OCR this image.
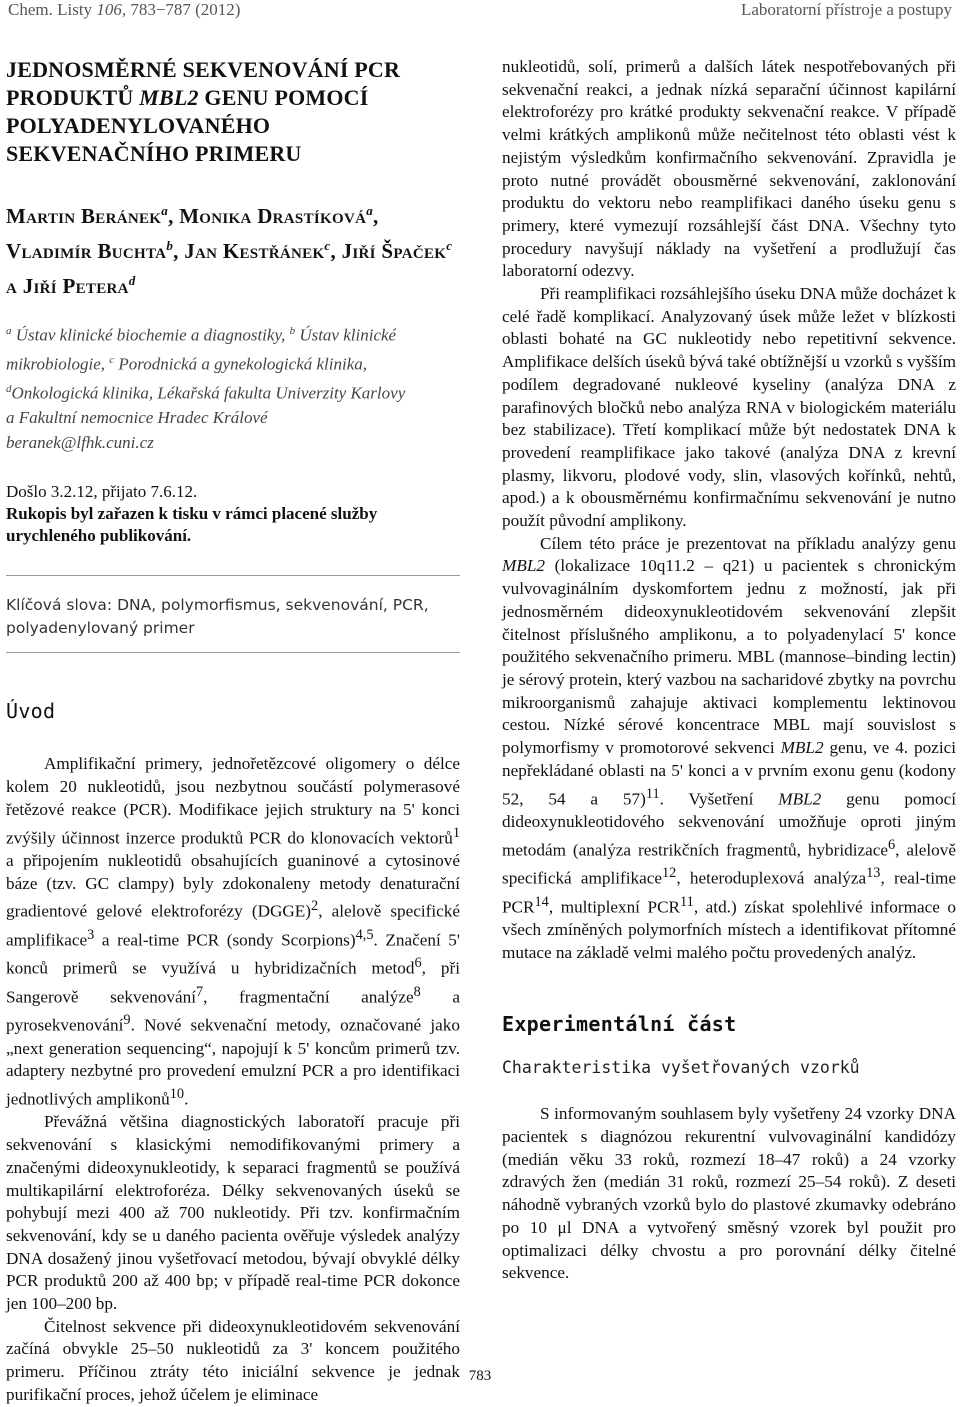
Chem. Listy 106, 783−787 (2012)	Laboratorní přístroje a postupy
JEDNOSMĚRNÉ SEKVENOVÁNÍ PCR
PRODUKTŮ MBL2 GENU POMOCÍ
POLYADENYLOVANÉHO
SEKVENAČNÍHO PRIMERU
Martin Beránek$^a$, Monika Drastíková$^a$,
Vladimír Buchta$^b$, Jan Kestřánek$^c$, Jiří Špaček$^c$ a Jiří Petera$^d$
$^a$ Ústav klinické biochemie a diagnostiky, $^b$ Ústav klinické
mikrobiologie, $^c$ Porodnická a gynekologická klinika,
$^d$Onkologická klinika, Lékařská fakulta Univerzity Karlovy
a Fakultní nemocnice Hradec Králové
beranek@lfhk.cuni.cz
Došlo 3.2.12, přijato 7.6.12.
Rukopis byl zařazen k tisku v rámci placené služby urychleného publikování.

Klíčová slova: DNA, polymorfismus, sekvenování, PCR, polyadenylovaný primer

Úvod

Amplifikační primery, jednořetězcové oligomery o délce kolem 20 nukleotidů, jsou nezbytnou součástí polymerasové řetězové reakce (PCR). Modifikace jejich struktury na 5' konci zvýšily účinnost inzerce produktů PCR do klonovacích vektorů$^1$ a připojením nukleotidů obsahujících guaninové a cytosinové báze (tzv. GC clampy) byly zdokonaleny metody denaturační gradientové gelové elektroforézy (DGGE)$^2$, alelově specifické amplifikace$^3$ a real-time PCR (sondy Scorpions)$^{4,5}$. Značení 5' konců primerů se využívá u hybridizačních metod$^6$, při Sangerově sekvenování$^7$, fragmentační analýze$^8$ a pyrosekvenování$^9$. Nové sekvenační metody, označované jako „next generation sequencing“, napojují k 5' koncům primerů tzv. adaptery nezbytné pro provedení emulzní PCR a pro identifikaci jednotlivých amplikonů$^{10}$.

Převážná většina diagnostických laboratoří pracuje při sekvenování s klasickými nemodifikovanými primery a značenými dideoxynukleotidy, k separaci fragmentů se používá multikapilární elektroforéza. Délky sekvenovaných úseků se pohybují mezi 400 až 700 nukleotidy. Při tzv. konfirmačním sekvenování, kdy se u daného pacienta ověřuje výsledek analýzy DNA dosažený jinou vyšetřovací metodou, bývají obvyklé délky PCR produktů 200 až 400 bp; v případě real-time PCR dokonce jen 100–200 bp.

Čitelnost sekvence při dideoxynukleotidovém sekvenování začíná obvykle 25–50 nukleotidů za 3' koncem použitého primeru. Příčinou ztráty této iniciální sekvence je jednak purifikační proces, jehož účelem je eliminace

nukleotidů, solí, primerů a dalších látek nespotřebovaných při sekvenační reakci, a jednak nízká separační účinnost kapilární elektroforézy pro krátké produkty sekvenační reakce. V případě velmi krátkých amplikonů může nečitelnost této oblasti vést k nejistým výsledkům konfirmačního sekvenování. Zpravidla je proto nutné provádět obousměrné sekvenování, zaklonování produktu do vektoru nebo reamplifikaci daného úseku genu s primery, které vymezují rozsáhlejší část DNA. Všechny tyto procedury navyšují náklady na vyšetření a prodlužují čas laboratorní odezvy.

Při reamplifikaci rozsáhlejšího úseku DNA může docházet k celé řadě komplikací. Analyzovaný úsek může ležet v blízkosti oblasti bohaté na GC nukleotidy nebo repetitivní sekvence. Amplifikace delších úseků bývá také obtížnější u vzorků s vyšším podílem degradované nukleové kyseliny (analýza DNA z parafinových bločků nebo analýza RNA v biologickém materiálu bez stabilizace). Třetí komplikací může být nedostatek DNA k provedení reamplifikace jako takové (analýza DNA z krevní plasmy, likvoru, plodové vody, slin, vlasových kořínků, nehtů, apod.) a k obousměrnému konfirmačnímu sekvenování je nutno použít původní amplikony.

Cílem této práce je prezentovat na příkladu analýzy genu MBL2 (lokalizace 10q11.2 – q21) u pacientek s chronickým vulvovaginálním dyskomfortem jednu z možností, jak při jednosměrném dideoxynukleotidovém sekvenování zlepšit čitelnost příslušného amplikonu, a to polyadenylací 5' konce použitého sekvenačního primeru. MBL (mannose–binding lectin) je sérový protein, který vazbou na sacharidové zbytky na povrchu mikroorganismů zahajuje aktivaci komplementu lektinovou cestou. Nízké sérové koncentrace MBL mají souvislost s polymorfismy v promotorové sekvenci MBL2 genu, ve 4. pozici nepřekládané oblasti na 5' konci a v prvním exonu genu (kodony 52, 54 a 57)$^{11}$. Vyšetření MBL2 genu pomocí dideoxynukleotidového sekvenování umožňuje oproti jiným metodám (analýza restrikčních fragmentů, hybridizace$^6$, alelově specifická amplifikace$^{12}$, heteroduplexová analýza$^{13}$, real-time PCR$^{14}$, multiplexní PCR$^{11}$, atd.) získat spolehlivé informace o všech zmíněných polymorfních místech a identifikovat přítomné mutace na základě velmi malého počtu provedených analýz.

Experimentální část
Charakteristika vyšetřovaných vzorků

S informovaným souhlasem byly vyšetřeny 24 vzorky DNA pacientek s diagnózou rekurentní vulvovaginální kandidózy (medián věku 33 roků, rozmezí 18–47 roků) a 24 vzorky zdravých žen (medián 31 roků, rozmezí 25–54 roků). Z deseti náhodně vybraných vzorků bylo do plastové zkumavky odebráno po 10 μl DNA a vytvořený směsný vzorek byl použit pro optimalizaci délky chvostu a pro porovnání délky čitelné sekvence.

783
